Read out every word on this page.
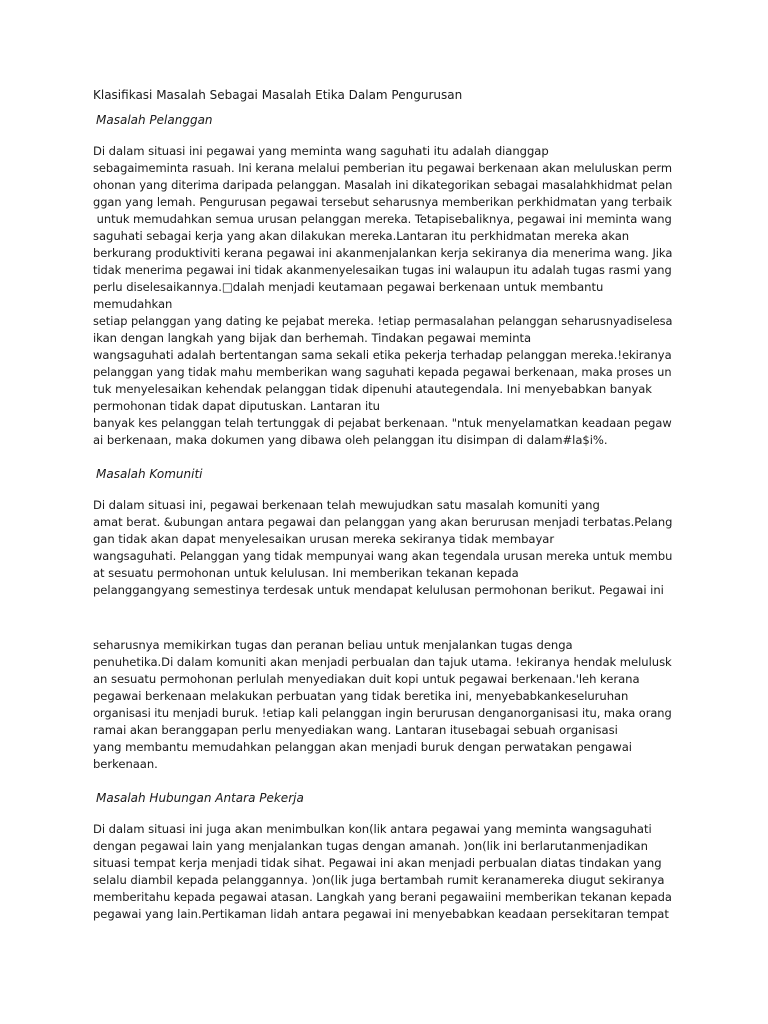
Klasifikasi Masalah Sebagai Masalah Etika Dalam Pengurusan
Masalah Pelanggan
Di dalam situasi ini pegawai yang meminta wang saguhati itu adalah dianggap
sebagaimeminta rasuah. Ini kerana melalui pemberian itu pegawai berkenaan akan meluluskan perm
ohonan yang diterima daripada pelanggan. Masalah ini dikategorikan sebagai masalahkhidmat pelan
ggan yang lemah. Pengurusan pegawai tersebut seharusnya memberikan perkhidmatan yang terbaik
untuk memudahkan semua urusan pelanggan mereka. Tetapisebaliknya, pegawai ini meminta wang
saguhati sebagai kerja yang akan dilakukan mereka.Lantaran itu perkhidmatan mereka akan
berkurang produktiviti kerana pegawai ini akanmenjalankan kerja sekiranya dia menerima wang. Jika
tidak menerima pegawai ini tidak akanmenyelesaikan tugas ini walaupun itu adalah tugas rasmi yang
perlu diselesaikannya.□dalah menjadi keutamaan pegawai berkenaan untuk membantu
memudahkan
setiap pelanggan yang dating ke pejabat mereka. !etiap permasalahan pelanggan seharusnyadiselesa
ikan dengan langkah yang bijak dan berhemah. Tindakan pegawai meminta
wangsaguhati adalah bertentangan sama sekali etika pekerja terhadap pelanggan mereka.!ekiranya
pelanggan yang tidak mahu memberikan wang saguhati kepada pegawai berkenaan, maka proses un
tuk menyelesaikan kehendak pelanggan tidak dipenuhi atautegendala. Ini menyebabkan banyak
permohonan tidak dapat diputuskan. Lantaran itu
banyak kes pelanggan telah tertunggak di pejabat berkenaan. "ntuk menyelamatkan keadaan pegaw
ai berkenaan, maka dokumen yang dibawa oleh pelanggan itu disimpan di dalam#la$i%.
Masalah Komuniti
Di dalam situasi ini, pegawai berkenaan telah mewujudkan satu masalah komuniti yang
amat berat. &ubungan antara pegawai dan pelanggan yang akan berurusan menjadi terbatas.Pelang
gan tidak akan dapat menyelesaikan urusan mereka sekiranya tidak membayar
wangsaguhati. Pelanggan yang tidak mempunyai wang akan tegendala urusan mereka untuk membu
at sesuatu permohonan untuk kelulusan. Ini memberikan tekanan kepada
pelanggangyang semestinya terdesak untuk mendapat kelulusan permohonan berikut. Pegawai ini
seharusnya memikirkan tugas dan peranan beliau untuk menjalankan tugas denga
penuhetika.Di dalam komuniti akan menjadi perbualan dan tajuk utama. !ekiranya hendak melulusk
an sesuatu permohonan perlulah menyediakan duit kopi untuk pegawai berkenaan.'leh kerana
pegawai berkenaan melakukan perbuatan yang tidak beretika ini, menyebabkankeseluruhan
organisasi itu menjadi buruk. !etiap kali pelanggan ingin berurusan denganorganisasi itu, maka orang
ramai akan beranggapan perlu menyediakan wang. Lantaran itusebagai sebuah organisasi
yang membantu memudahkan pelanggan akan menjadi buruk dengan perwatakan pengawai
berkenaan.
Masalah Hubungan Antara Pekerja
Di dalam situasi ini juga akan menimbulkan kon(lik antara pegawai yang meminta wangsaguhati
dengan pegawai lain yang menjalankan tugas dengan amanah. )on(lik ini berlarutanmenjadikan
situasi tempat kerja menjadi tidak sihat. Pegawai ini akan menjadi perbualan diatas tindakan yang
selalu diambil kepada pelanggannya. )on(lik juga bertambah rumit keranamereka diugut sekiranya
memberitahu kepada pegawai atasan. Langkah yang berani pegawaiini memberikan tekanan kepada
pegawai yang lain.Pertikaman lidah antara pegawai ini menyebabkan keadaan persekitaran tempat
